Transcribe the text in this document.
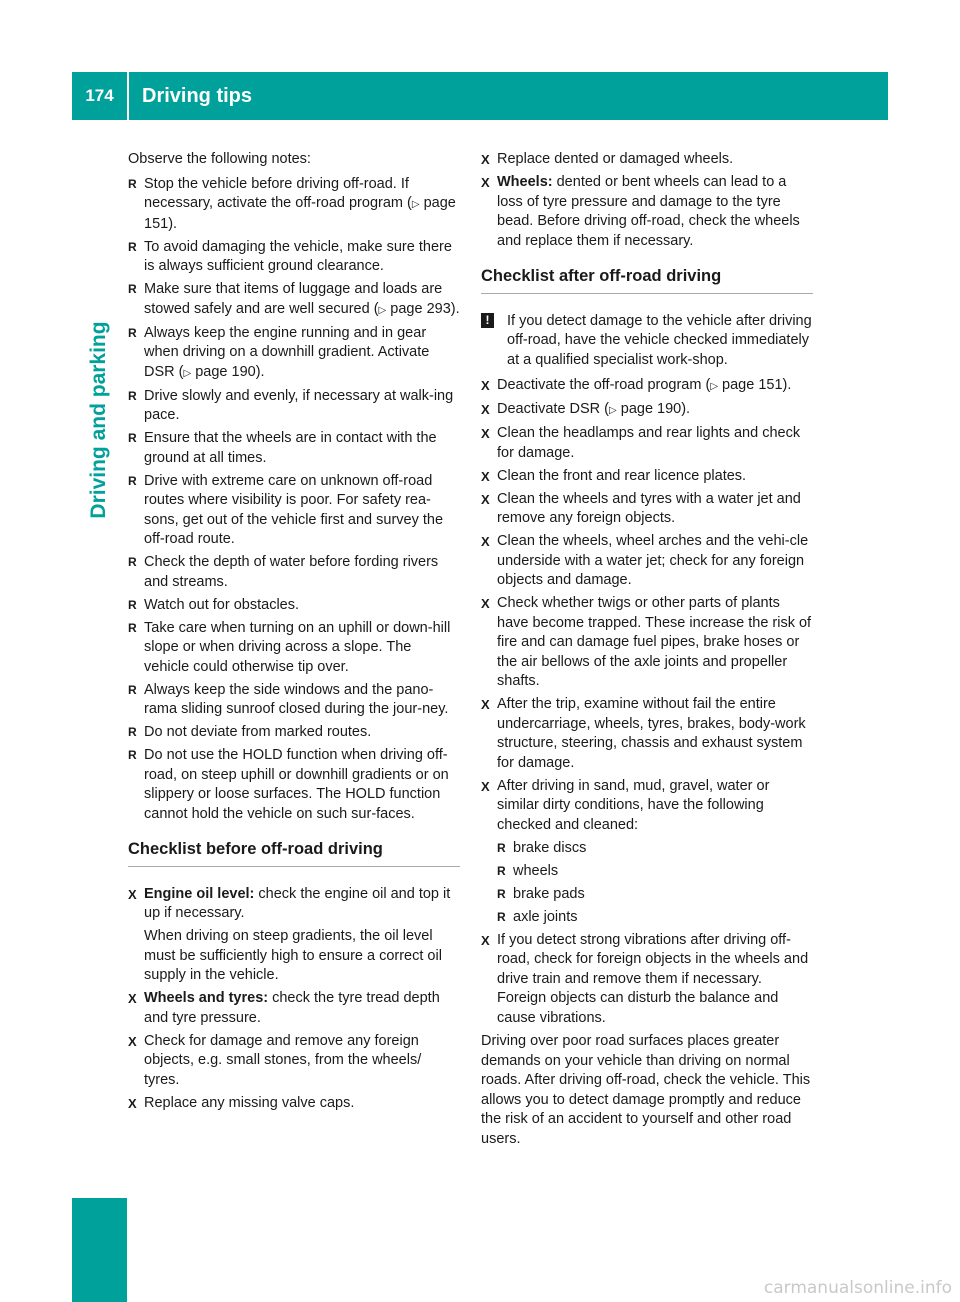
174	Driving tips
Driving and parking

Observe the following notes:

R Stop the vehicle before driving off-road. If necessary, activate the off-road program (▷ page 151).
R To avoid damaging the vehicle, make sure there is always sufficient ground clearance.
R Make sure that items of luggage and loads are stowed safely and are well secured (▷ page 293).
R Always keep the engine running and in gear when driving on a downhill gradient. Activate DSR (▷ page 190).
R Drive slowly and evenly, if necessary at walk-ing pace.
R Ensure that the wheels are in contact with the ground at all times.
R Drive with extreme care on unknown off-road routes where visibility is poor. For safety rea-sons, get out of the vehicle first and survey the off-road route.
R Check the depth of water before fording rivers and streams.
R Watch out for obstacles.
R Take care when turning on an uphill or down-hill slope or when driving across a slope. The vehicle could otherwise tip over.
R Always keep the side windows and the pano-rama sliding sunroof closed during the jour-ney.
R Do not deviate from marked routes.
R Do not use the HOLD function when driving off-road, on steep uphill or downhill gradients or on slippery or loose surfaces. The HOLD function cannot hold the vehicle on such sur-faces.
Checklist before off-road driving
X Engine oil level: check the engine oil and top it up if necessary.

When driving on steep gradients, the oil level must be sufficiently high to ensure a correct oil supply in the vehicle.

X Wheels and tyres: check the tyre tread depth and tyre pressure.
X Check for damage and remove any foreign objects, e.g. small stones, from the wheels/ tyres.
X Replace any missing valve caps.
X Replace dented or damaged wheels.
X Wheels: dented or bent wheels can lead to a loss of tyre pressure and damage to the tyre bead. Before driving off-road, check the wheels and replace them if necessary.
Checklist after off-road driving
!	If you detect damage to the vehicle after driving off-road, have the vehicle checked immediately at a qualified specialist work-shop.
X Deactivate the off-road program (▷ page 151).
X Deactivate DSR (▷ page 190).
X Clean the headlamps and rear lights and check for damage.
X Clean the front and rear licence plates.
X Clean the wheels and tyres with a water jet and remove any foreign objects.
X Clean the wheels, wheel arches and the vehi-cle underside with a water jet; check for any foreign objects and damage.
X Check whether twigs or other parts of plants have become trapped. These increase the risk of fire and can damage fuel pipes, brake hoses or the air bellows of the axle joints and propeller shafts.
X After the trip, examine without fail the entire undercarriage, wheels, tyres, brakes, body-work structure, steering, chassis and exhaust system for damage.
X After driving in sand, mud, gravel, water or similar dirty conditions, have the following checked and cleaned:
R brake discs
R wheels
R brake pads
R axle joints
X If you detect strong vibrations after driving off-road, check for foreign objects in the wheels and drive train and remove them if necessary. Foreign objects can disturb the balance and cause vibrations.

Driving over poor road surfaces places greater demands on your vehicle than driving on normal roads. After driving off-road, check the vehicle. This allows you to detect damage promptly and reduce the risk of an accident to yourself and other road users.

carmanualsonline.info
